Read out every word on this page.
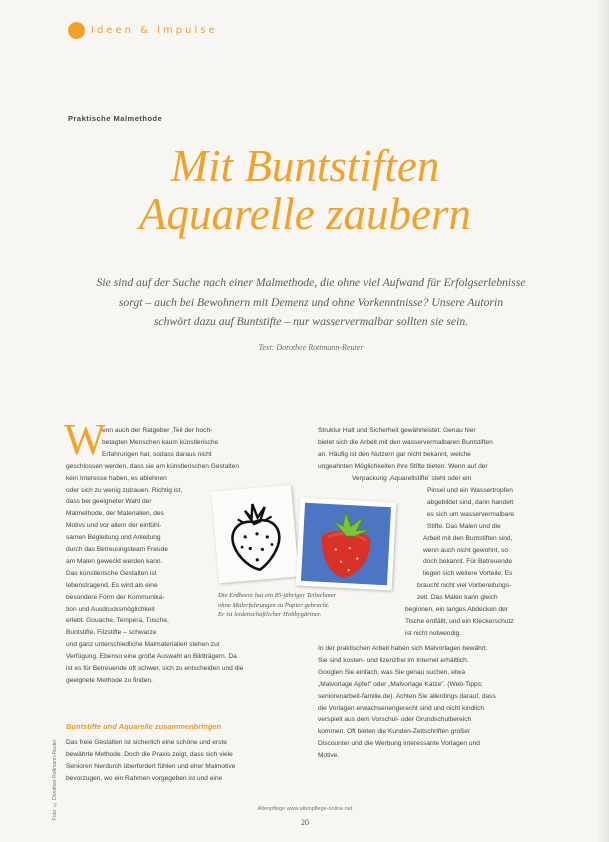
Ideen & Impulse
Praktische Malmethode
Mit Buntstiften
Aquarelle zaubern
Sie sind auf der Suche nach einer Malmethode, die ohne viel Aufwand für Erfolgserlebnisse
sorgt – auch bei Bewohnern mit Demenz und ohne Vorkenntnisse? Unsere Autorin
schwört dazu auf Buntstifte – nur wasservermalbar sollten sie sein.
Text: Dorothee Rottmann-Reuter
W
enn auch der Ratgeber ‚Teil der hoch-
betagten Menschen kaum künstlerische
Erfahrungen hat, sodass daraus nicht
geschlossen werden, dass sie am künstlerischen Gestalten
kein Interesse haben, es ablehnen
oder sich zu wenig zutrauen. Richtig ist,
dass bei geeigneter Wahl der
Malmethode, der Materialien, des
Motivs und vor allem der einfühl-
samen Begleitung und Anleitung
durch das Betreuungsteam Freude
am Malen geweckt werden kann.
Das künstlerische Gestalten ist
lebenstragend. Es wird als eine
besondere Form der Kommunika-
tion und Ausdrucksmöglichkeit
erlebt. Gouache, Tempera, Tusche,
Buntstifte, Filzstifte – schwarze
und ganz unterschiedliche Malmaterialien stehen zur
Verfügung. Ebenso eine große Auswahl an Bildträgern. Da
ist es für Betreuende oft schwer, sich zu entscheiden und die
geeignete Methode zu finden.
Das freie Gestalten ist sicherlich eine schöne und erste
bewährte Methode. Doch die Praxis zeigt, dass sich viele
Senioren hierdurch überfordert fühlen und eher Malmotive
bevorzugen, wo ein Rahmen vorgegeben ist und eine
Struktur Halt und Sicherheit gewährleistet. Genau hier
bietet sich die Arbeit mit den wasservermalbaren Buntstiften
an. Häufig ist den Nutzern gar nicht bekannt, welche
ungeahnten Möglichkeiten ihre Stifte bieten. Wenn auf der
Verpackung ‚Aquarellstifte' steht oder ein
Pinsel und ein Wassertropfen
abgebildet sind, dann handelt
es sich um wasservermalbare
Stifte. Das Malen und die
Arbeit mit den Buntstiften sind,
wenn auch nicht gewohnt, so
doch bekannt. Für Betreuende
liegen sich weitere Vorteile: Es
braucht nicht viel Vorbereitungs-
zeit. Das Malen kann gleich
beginnen, ein langes Abdecken der
Tische entfällt, und ein Kleckerschutz
ist nicht notwendig.
In der praktischen Arbeit haben sich Malvorlagen bewährt.
Sie sind kosten- und lizenzfrei im Internet erhältlich.
Googlen Sie einfach, was Sie genau suchen, etwa
„Malvorlage Apfel" oder „Malvorlage Katze". (Web-Tipps:
seniorenarbeit-familie.de). Achten Sie allerdings darauf, dass
die Vorlagen erwachsenengerecht sind und nicht kindlich
verspielt aus dem Vorschul- oder Grundschulbereich
kommen. Oft bieten die Kunden-Zeitschriften großer
Discounter und die Werbung interessante Vorlagen und
Motive.
Buntstifte und Aquarelle zusammenbringen
Die Erdbeere hat ein 85-jähriger Teilnehmer
ohne Malerfahrungen zu Papier gebracht.
Er ist leidenschaftlicher Hobbygärtner.
Foto: © Dorothee Rottmann-Reuter	Altenpflege www.altenpflege-online.net
20
